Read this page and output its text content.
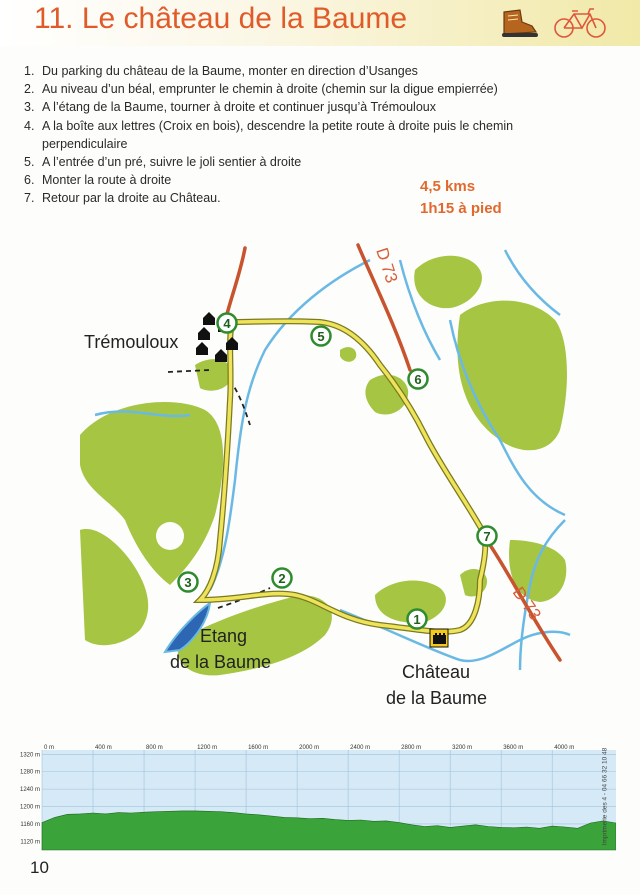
11. Le château de la Baume
1. Du parking du château de la Baume, monter en direction d’Usanges
2. Au niveau d’un béal, emprunter le chemin à droite (chemin sur la digue empierrée)
3. A l’étang de la Baume, tourner à droite et continuer jusqu’à Trémouloux
4. A la boîte aux lettres (Croix en bois), descendre la petite route à droite puis le chemin perpendiculaire
5. A l’entrée d’un pré, suivre le joli sentier à droite
6. Monter la route à droite
7. Retour par la droite au Château.
4,5 kms
1h15 à pied
Trémouloux
Etang
de la Baume	Château
de la Baume
D 73
D 73
1
2
3
4
5
6
7
0 m	400 m	800 m	1200 m	1600 m	2000 m	2400 m	2800 m	3200 m	3600 m	4000 m
1320 m
1280 m
1240 m
1200 m
1160 m
1120 m	Imprimerie des 4 - 04 66 32 10 48
10
